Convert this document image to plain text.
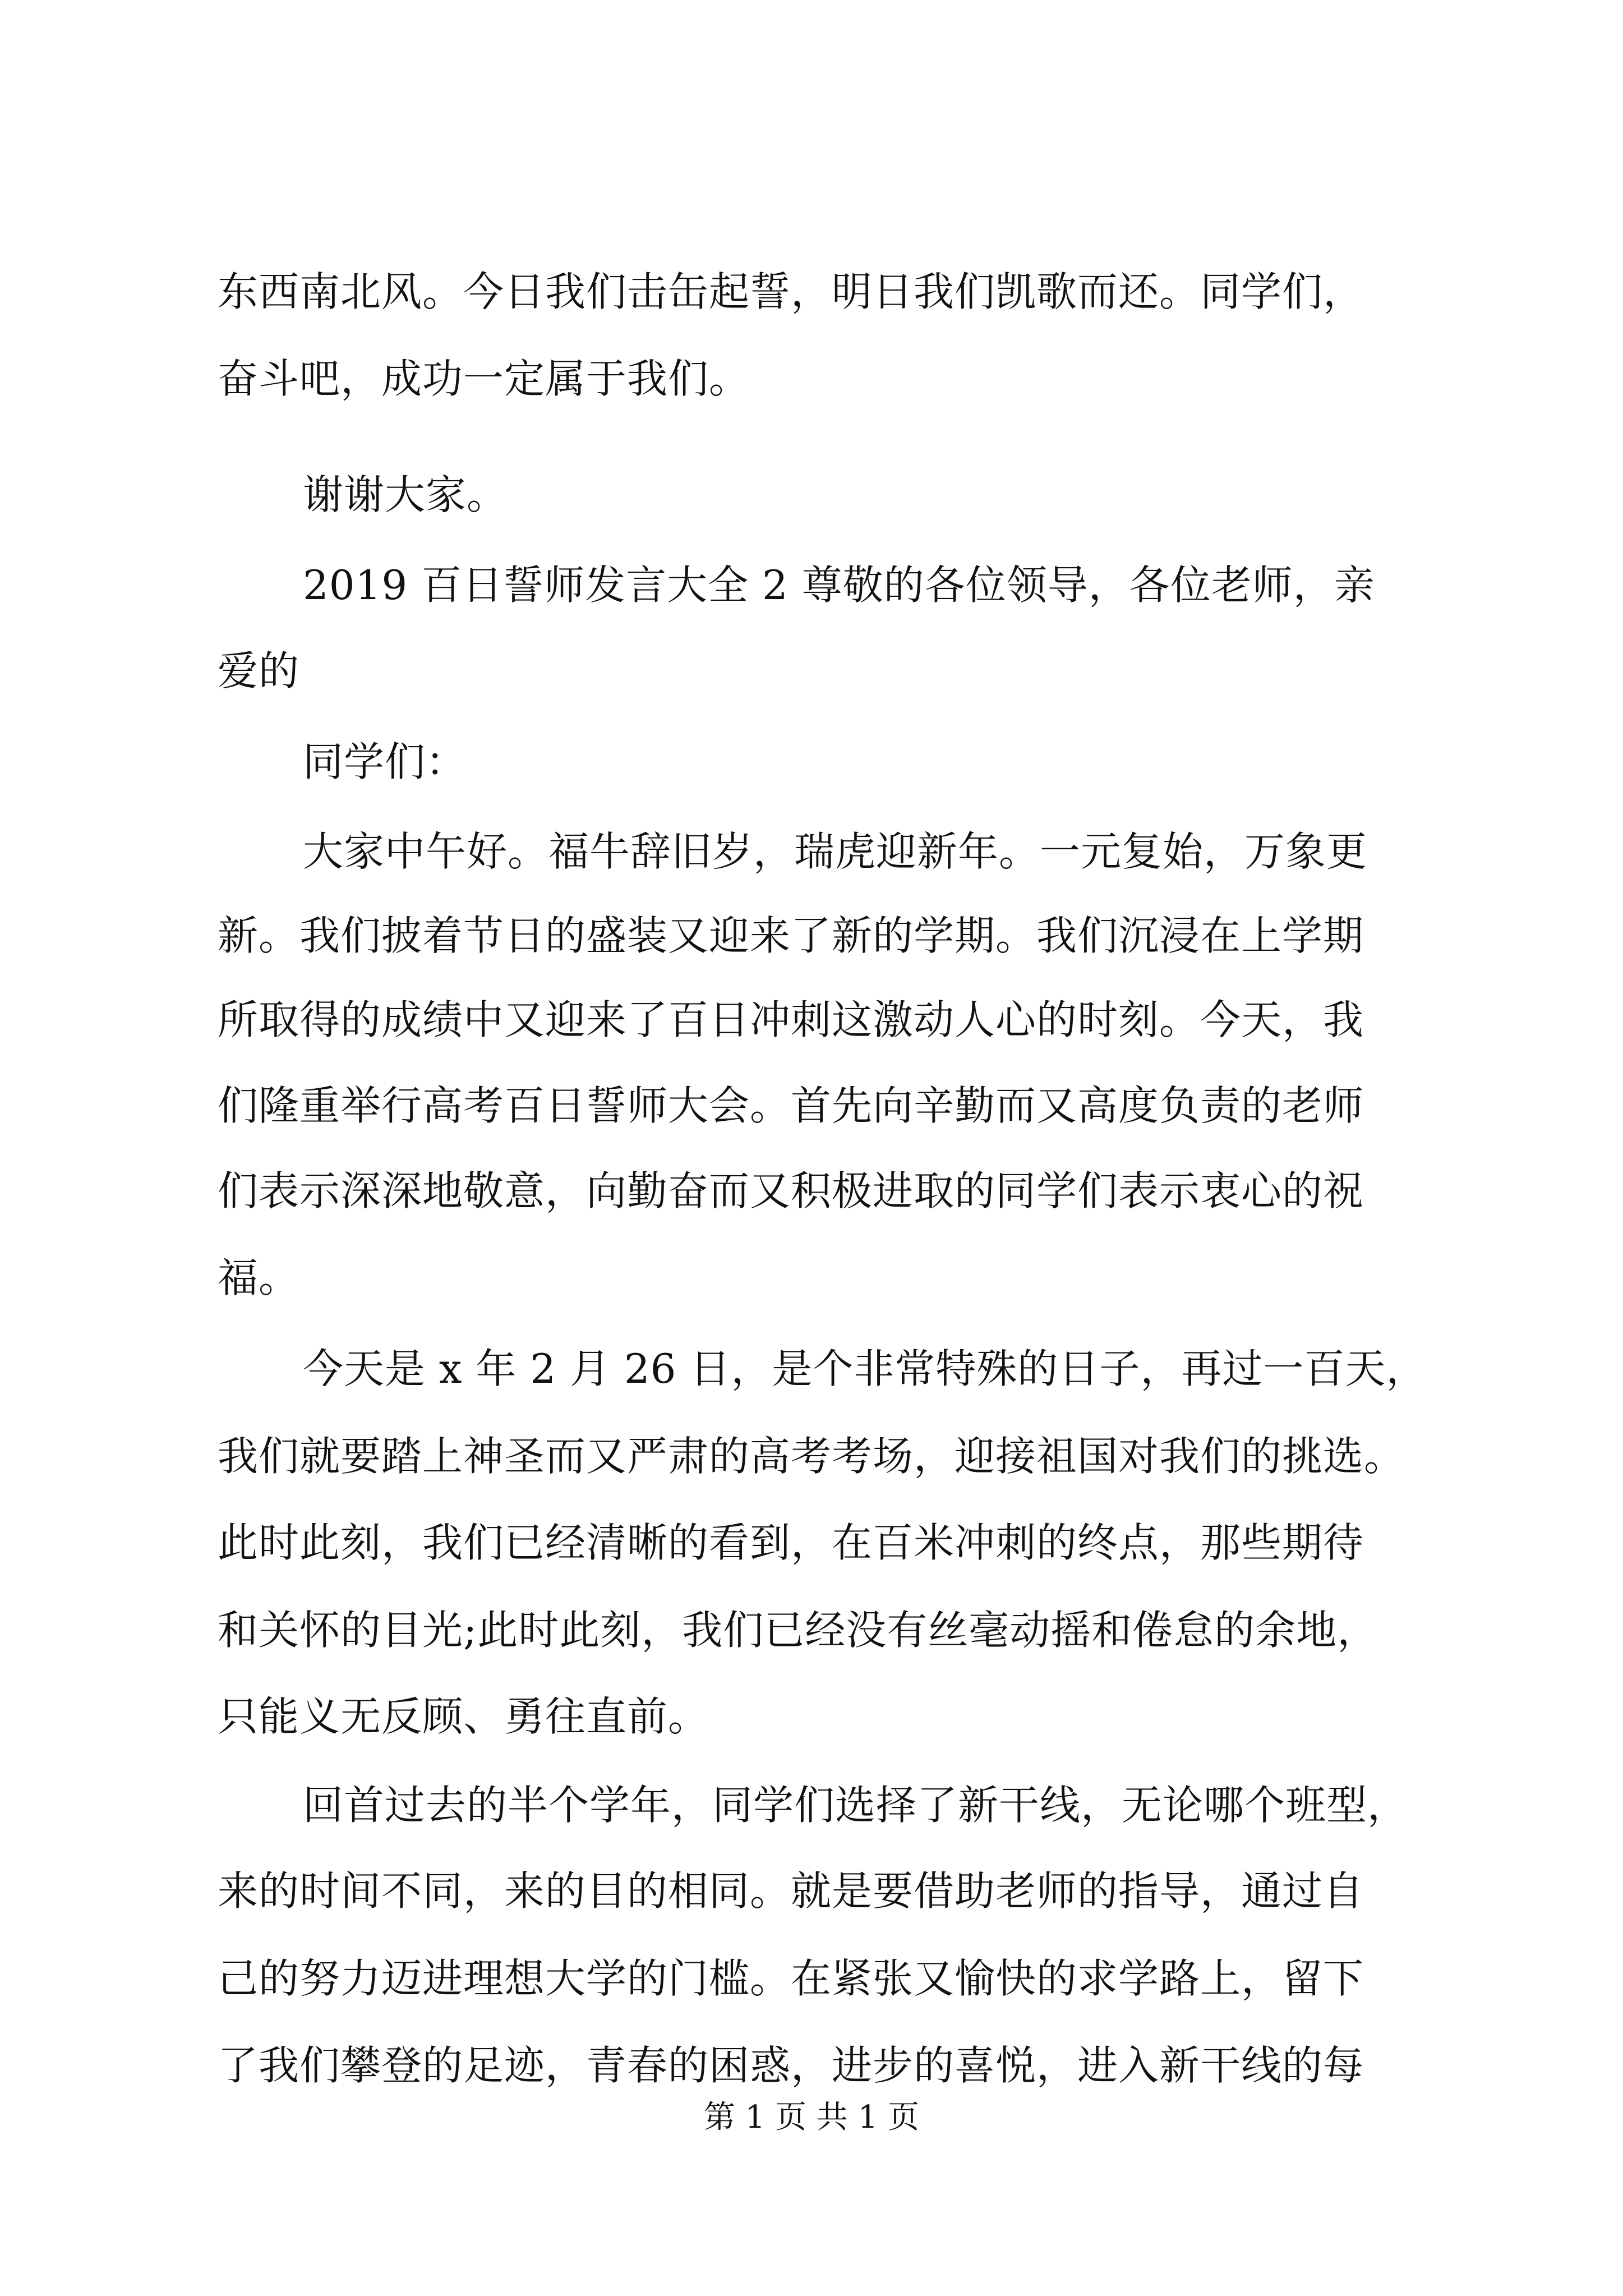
东西南北风。今日我们击缶起誓，明日我们凯歌而还。同学们，
奋斗吧，成功一定属于我们。
谢谢大家。
2019 百日誓师发言大全 2 尊敬的各位领导，各位老师，亲
爱的
同学们：
大家中午好。福牛辞旧岁，瑞虎迎新年。一元复始，万象更
新。我们披着节日的盛装又迎来了新的学期。我们沉浸在上学期
所取得的成绩中又迎来了百日冲刺这激动人心的时刻。今天，我
们隆重举行高考百日誓师大会。首先向辛勤而又高度负责的老师
们表示深深地敬意，向勤奋而又积极进取的同学们表示衷心的祝
福。
今天是 x 年 2 月 26 日，是个非常特殊的日子，再过一百天，
我们就要踏上神圣而又严肃的高考考场，迎接祖国对我们的挑选。
此时此刻，我们已经清晰的看到，在百米冲刺的终点，那些期待
和关怀的目光;此时此刻，我们已经没有丝毫动摇和倦怠的余地，
只能义无反顾、勇往直前。
回首过去的半个学年，同学们选择了新干线，无论哪个班型，
来的时间不同，来的目的相同。就是要借助老师的指导，通过自
己的努力迈进理想大学的门槛。在紧张又愉快的求学路上，留下
了我们攀登的足迹，青春的困惑，进步的喜悦，进入新干线的每
第 1 页 共 1 页
